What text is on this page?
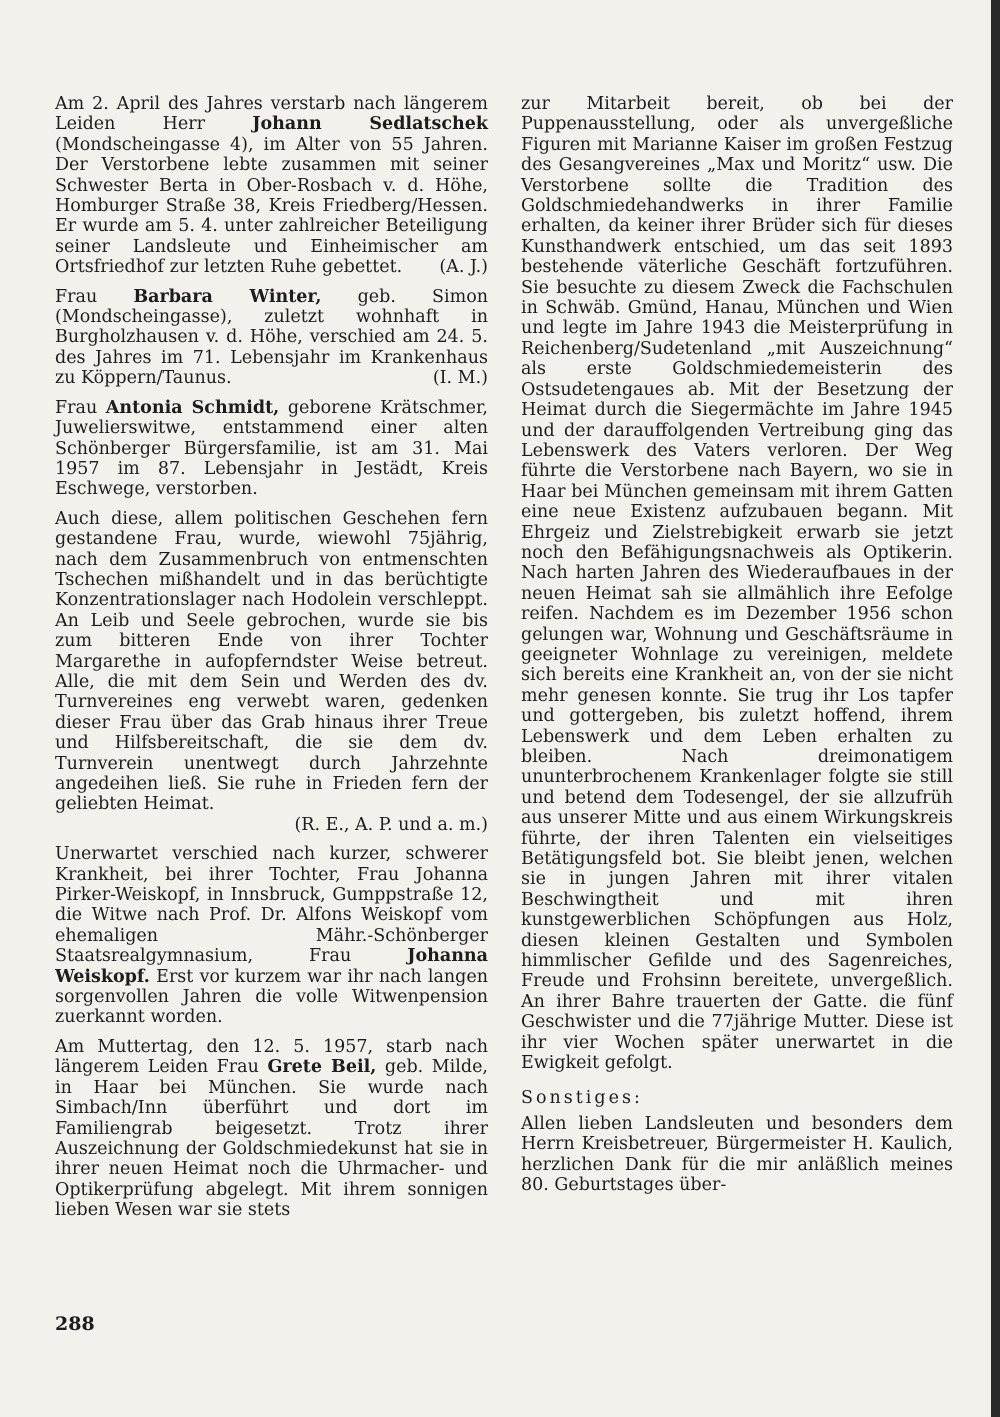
Am 2. April des Jahres verstarb nach längerem Leiden Herr Johann Sedlatschek (Mondscheingasse 4), im Alter von 55 Jahren. Der Verstorbene lebte zusammen mit seiner Schwester Berta in Ober-Rosbach v. d. Höhe, Homburger Straße 38, Kreis Friedberg/Hessen. Er wurde am 5. 4. unter zahlreicher Beteiligung seiner Landsleute und Einheimischer am Ortsfriedhof zur letzten Ruhe gebettet. (A. J.)
Frau Barbara Winter, geb. Simon (Mondscheingasse), zuletzt wohnhaft in Burgholzhausen v. d. Höhe, verschied am 24. 5. des Jahres im 71. Lebensjahr im Krankenhaus zu Köppern/Taunus.	(I. M.)
Frau Antonia Schmidt, geborene Krätschmer, Juwelierswitwe, entstammend einer alten Schönberger Bürgersfamilie, ist am 31. Mai 1957 im 87. Lebensjahr in Jestädt, Kreis Eschwege, verstorben.
Auch diese, allem politischen Geschehen fern gestandene Frau, wurde, wiewohl 75jährig, nach dem Zusammenbruch von entmenschten Tschechen mißhandelt und in das berüchtigte Konzentrationslager nach Hodolein verschleppt. An Leib und Seele gebrochen, wurde sie bis zum bitteren Ende von ihrer Tochter Margarethe in aufopferndster Weise betreut. Alle, die mit dem Sein und Werden des dv. Turnvereines eng verwebt waren, gedenken dieser Frau über das Grab hinaus ihrer Treue und Hilfsbereitschaft, die sie dem dv. Turnverein unentwegt durch Jahrzehnte angedeihen ließ. Sie ruhe in Frieden fern der geliebten Heimat.
(R. E., A. P. und a. m.)
Unerwartet verschied nach kurzer, schwerer Krankheit, bei ihrer Tochter, Frau Johanna Pirker-Weiskopf, in Innsbruck, Gumppstraße 12, die Witwe nach Prof. Dr. Alfons Weiskopf vom ehemaligen Mähr.-Schönberger Staatsrealgymnasium, Frau Johanna Weiskopf. Erst vor kurzem war ihr nach langen sorgenvollen Jahren die volle Witwenpension zuerkannt worden.
Am Muttertag, den 12. 5. 1957, starb nach längerem Leiden Frau Grete Beil, geb. Milde, in Haar bei München. Sie wurde nach Simbach/Inn überführt und dort im Familiengrab beigesetzt. Trotz ihrer Auszeichnung der Goldschmiedekunst hat sie in ihrer neuen Heimat noch die Uhrmacher- und Optikerprüfung abgelegt. Mit ihrem sonnigen lieben Wesen war sie stets
zur Mitarbeit bereit, ob bei der Puppenausstellung, oder als unvergeßliche Figuren mit Marianne Kaiser im großen Festzug des Gesangvereines „Max und Moritz“ usw. Die Verstorbene sollte die Tradition des Goldschmiedehandwerks in ihrer Familie erhalten, da keiner ihrer Brüder sich für dieses Kunsthandwerk entschied, um das seit 1893 bestehende väterliche Geschäft fortzuführen. Sie besuchte zu diesem Zweck die Fachschulen in Schwäb. Gmünd, Hanau, München und Wien und legte im Jahre 1943 die Meisterprüfung in Reichenberg/Sudetenland „mit Auszeichnung“ als erste Goldschmiedemeisterin des Ostsudetengaues ab. Mit der Besetzung der Heimat durch die Siegermächte im Jahre 1945 und der darauffolgenden Vertreibung ging das Lebenswerk des Vaters verloren. Der Weg führte die Verstorbene nach Bayern, wo sie in Haar bei München gemeinsam mit ihrem Gatten eine neue Existenz aufzubauen begann. Mit Ehrgeiz und Zielstrebigkeit erwarb sie jetzt noch den Befähigungsnachweis als Optikerin. Nach harten Jahren des Wiederaufbaues in der neuen Heimat sah sie allmählich ihre Eefolge reifen. Nachdem es im Dezember 1956 schon gelungen war, Wohnung und Geschäftsräume in geeigneter Wohnlage zu vereinigen, meldete sich bereits eine Krankheit an, von der sie nicht mehr genesen konnte. Sie trug ihr Los tapfer und gottergeben, bis zuletzt hoffend, ihrem Lebenswerk und dem Leben erhalten zu bleiben. Nach dreimonatigem ununterbrochenem Krankenlager folgte sie still und betend dem Todesengel, der sie allzufrüh aus unserer Mitte und aus einem Wirkungskreis führte, der ihren Talenten ein vielseitiges Betätigungsfeld bot. Sie bleibt jenen, welchen sie in jungen Jahren mit ihrer vitalen Beschwingtheit und mit ihren kunstgewerblichen Schöpfungen aus Holz, diesen kleinen Gestalten und Symbolen himmlischer Gefilde und des Sagenreiches, Freude und Frohsinn bereitete, unvergeßlich. An ihrer Bahre trauerten der Gatte. die fünf Geschwister und die 77jährige Mutter. Diese ist ihr vier Wochen später unerwartet in die Ewigkeit gefolgt.
Sonstiges:
Allen lieben Landsleuten und besonders dem Herrn Kreisbetreuer, Bürgermeister H. Kaulich, herzlichen Dank für die mir anläßlich meines 80. Geburtstages über-
288
